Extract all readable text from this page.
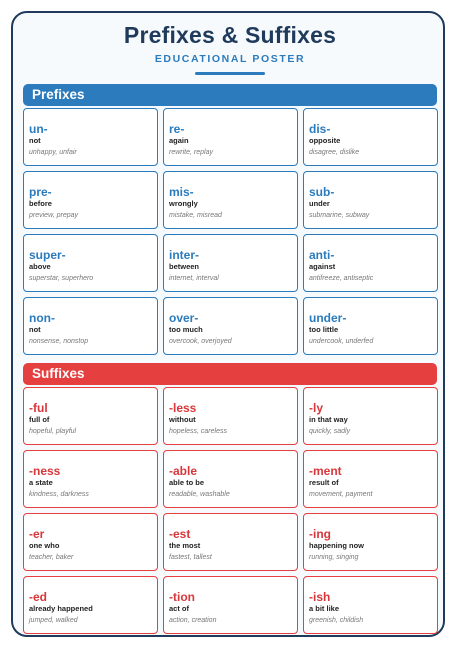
Prefixes & Suffixes
EDUCATIONAL POSTER
Prefixes
un-
not
unhappy, unfair
re-
again
rewrite, replay
dis-
opposite
disagree, dislike
pre-
before
preview, prepay
mis-
wrongly
mistake, misread
sub-
under
submarine, subway
super-
above
superstar, superhero
inter-
between
internet, interval
anti-
against
antifreeze, antiseptic
non-
not
nonsense, nonstop
over-
too much
overcook, overjoyed
under-
too little
undercook, underfed
Suffixes
-ful
full of
hopeful, playful
-less
without
hopeless, careless
-ly
in that way
quickly, sadly
-ness
a state
kindness, darkness
-able
able to be
readable, washable
-ment
result of
movement, payment
-er
one who
teacher, baker
-est
the most
fastest, tallest
-ing
happening now
running, singing
-ed
already happened
jumped, walked
-tion
act of
action, creation
-ish
a bit like
greenish, childish
